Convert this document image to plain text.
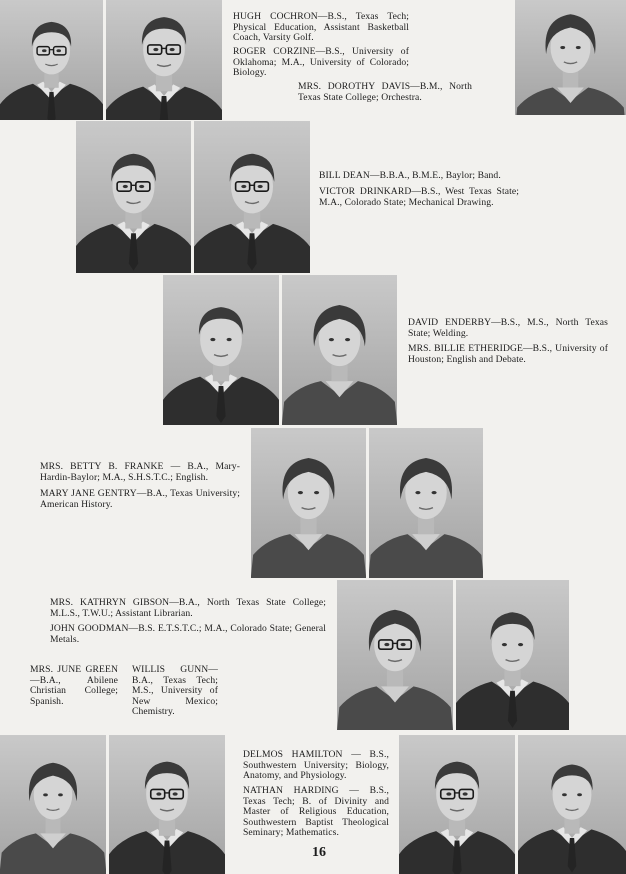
HUGH COCHRON—B.S., Texas Tech; Physical Education, Assistant Basketball Coach, Varsity Golf.

ROGER CORZINE—B.S., University of Oklahoma; M.A., University of Colorado; Biology.

MRS. DOROTHY DAVIS—B.M., North Texas State College; Orchestra.

BILL DEAN—B.B.A., B.M.E., Baylor; Band.

VICTOR DRINKARD—B.S., West Texas State; M.A., Colorado State; Mechanical Drawing.

DAVID ENDERBY—B.S., M.S., North Texas State; Welding.

MRS. BILLIE ETHERIDGE—B.S., University of Houston; English and Debate.

MRS. BETTY B. FRANKE — B.A., Mary-Hardin-Baylor; M.A., S.H.S.T.C.; English.

MARY JANE GENTRY—B.A., Texas University; American History.

MRS. KATHRYN GIBSON—B.A., North Texas State College; M.L.S., T.W.U.; Assistant Librarian.

JOHN GOODMAN—B.S. E.T.S.T.C.; M.A., Colorado State; General Metals.

MRS. JUNE GREEN—B.A., Abilene Christian College; Spanish.

WILLIS GUNN—B.A., Texas Tech; M.S., University of New Mexico; Chemistry.

DELMOS HAMILTON — B.S., Southwestern University; Biology, Anatomy, and Physiology.

NATHAN HARDING — B.S., Texas Tech; B. of Divinity and Master of Religious Education, Southwestern Baptist Theological Seminary; Mathematics.

16
